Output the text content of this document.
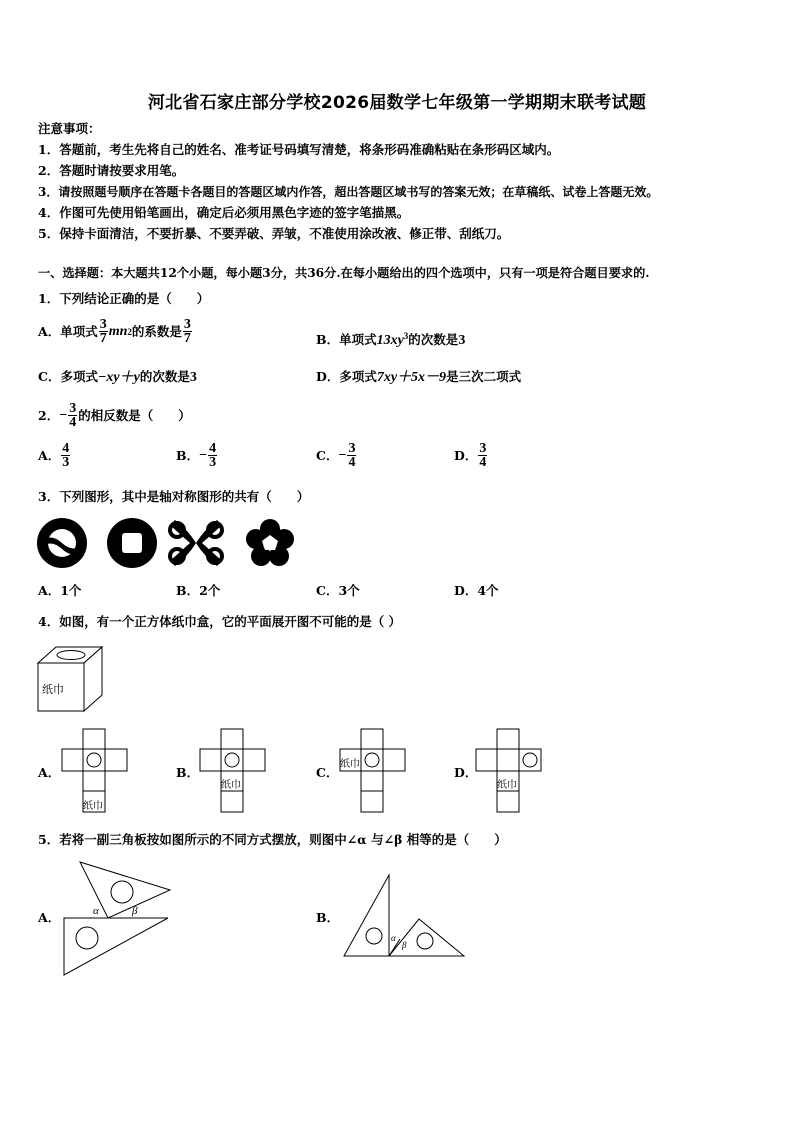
河北省石家庄部分学校2026届数学七年级第一学期期末联考试题
注意事项：
1．答题前，考生先将自己的姓名、准考证号码填写清楚，将条形码准确粘贴在条形码区域内。
2．答题时请按要求用笔。
3．请按照题号顺序在答题卡各题目的答题区域内作答，超出答题区域书写的答案无效；在草稿纸、试卷上答题无效。
4．作图可先使用铅笔画出，确定后必须用黑色字迹的签字笔描黑。
5．保持卡面清洁，不要折暴、不要弄破、弄皱，不准使用涂改液、修正带、刮纸刀。
一、选择题：本大题共12个小题，每小题3分，共36分.在每小题给出的四个选项中，只有一项是符合题目要求的.
1．下列结论正确的是（　　）
A．单项式 $\frac{3}{7}$ mn 2 的系数是 $\frac{3}{7}$	B．单项式$13xy^3$的次数是3
C．多项式−xy＋y的次数是3	D．多项式7xy＋5x－9是三次二项式
2． − $\frac{3}{4}$ 的相反数是（　　）
A． $\frac{4}{3}$	B． − $\frac{4}{3}$	C． − $\frac{3}{4}$	D． $\frac{3}{4}$
3．下列图形，其中是轴对称图形的共有（　　）
A．1个	B．2个	C．3个	D．4个
4．如图，有一个正方体纸巾盒，它的平面展开图不可能的是（ ）
纸巾
A．
纸巾
B．
纸巾
C．
纸巾
D．
纸巾
5．若将一副三角板按如图所示的不同方式摆放，则图中∠α 与∠β 相等的是（　　）
A．	α	β	B．
α
β
